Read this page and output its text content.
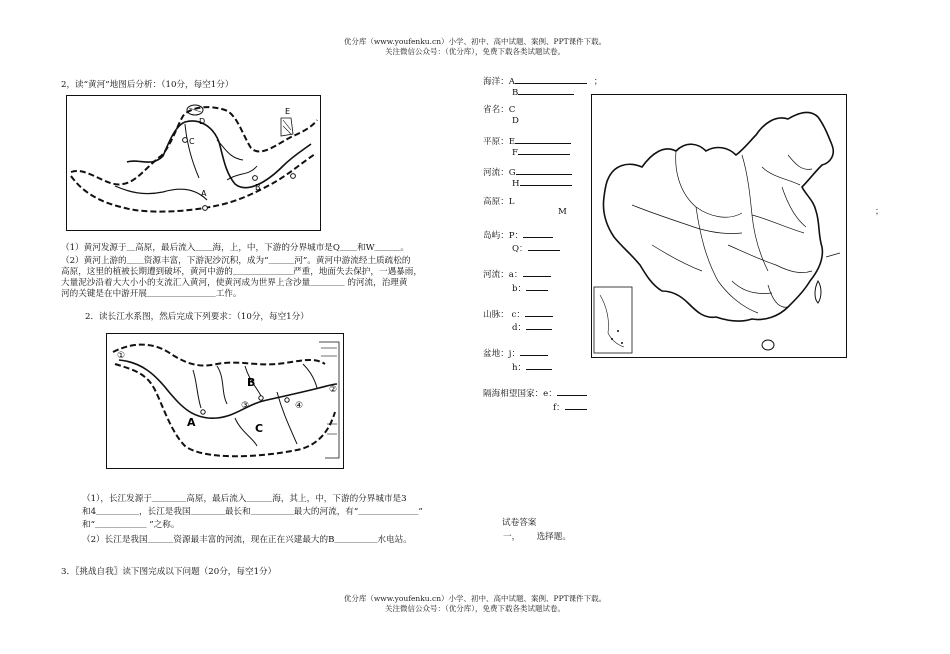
优分库（www.youfenku.cn）小学、初中、高中试题、案例、PPT课件下载。
关注微信公众号：（优分库），免费下载各类试题试卷。
2，读“黄河”地图后分析：（10分，每空1分）
D
C
A
B
E
（1）黄河发源于＿高原，最后流入＿＿海，上，中，下游的分界城市是Q＿＿和W＿＿＿。
（2）黄河上游的＿＿资源丰富，下游泥沙沉积，成为“＿＿＿河”。黄河中游流经土质疏松的
高原，这里的植被长期遭到破坏，黄河中游的＿＿＿＿＿＿＿严重，地面失去保护，一遇暴雨，
大量泥沙沿着大大小小的支流汇入黄河，使黄河成为世界上含沙量＿＿＿＿ 的河流，治理黄
河的关键是在中游开展＿＿＿＿＿＿＿＿工作。
2．读长江水系图，然后完成下列要求：（10分，每空1分）
①
B
③	④
A	C
②
（1），长江发源于＿＿＿＿高原，最后流入＿＿＿海，其上，中，下游的分界城市是3
和4＿＿＿＿＿，长江是我国＿＿＿＿最长和＿＿＿＿＿最大的河流，有“＿＿＿＿＿＿＿”
和“＿＿＿＿＿＿ ”之称。
（2）长江是我国＿＿＿资源最丰富的河流，现在正在兴建最大的B＿＿＿＿＿水电站。
3．〖挑战自我〗读下图完成以下问题（20分，每空1分）
海洋：A	；
B
省名：C
D
平原：E
F
河流：G
H
高原：L
M	；
岛屿：P：
Q：
河流：a：
b：
山脉： c：
d：
盆地：j：
h：
隔海相望国家：e：
f：
试卷答案
一，      选择题。
优分库（www.youfenku.cn）小学、初中、高中试题、案例、PPT课件下载。
关注微信公众号：（优分库），免费下载各类试题试卷。
